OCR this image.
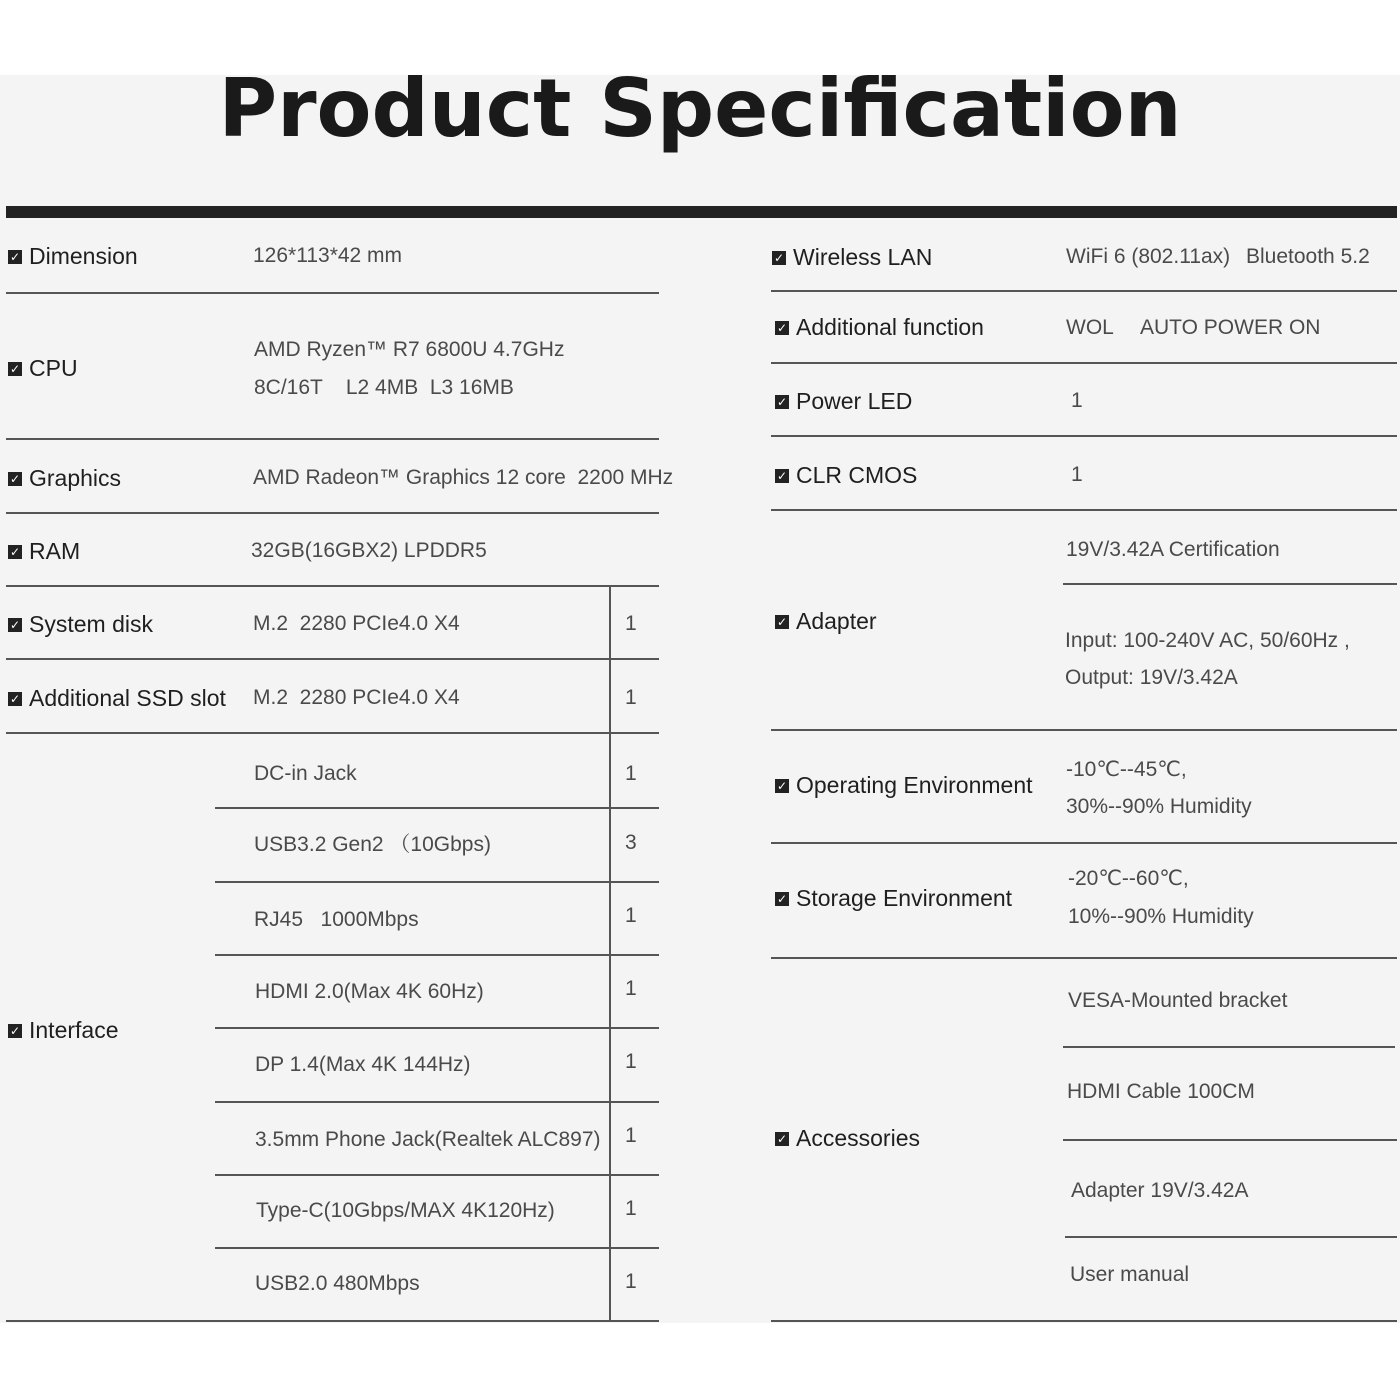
Product Specification
✓ Dimension	126*113*42 mm
✓ CPU
AMD Ryzen™ R7 6800U 4.7GHz
8C/16T    L2 4MB  L3 16MB
✓ Graphics	AMD Radeon™ Graphics 12 core  2200 MHz
✓ RAM	32GB(16GBX2) LPDDR5
✓ System disk	M.2  2280 PCIe4.0 X4	1
✓ Additional SSD slot M.2  2280 PCIe4.0 X4	1
✓ Interface
DC-in Jack	1
USB3.2 Gen2 （10Gbps)	3
RJ45   1000Mbps	1
HDMI 2.0(Max 4K 60Hz)	1
DP 1.4(Max 4K 144Hz)	1
3.5mm Phone Jack(Realtek ALC897) 1
Type-C(10Gbps/MAX 4K120Hz)	1
USB2.0 480Mbps	1
✓ Wireless LAN	WiFi 6 (802.11ax) Bluetooth 5.2
✓ Additional function	WOL AUTO POWER ON
✓ Power LED	1
✓ CLR CMOS	1
✓ Adapter
19V/3.42A Certification
Input: 100-240V AC, 50/60Hz ,
Output: 19V/3.42A
✓ Operating Environment
-10℃--45℃,
30%--90% Humidity
✓ Storage Environment
-20℃--60℃,
10%--90% Humidity
✓ Accessories
VESA-Mounted bracket
HDMI Cable 100CM
Adapter 19V/3.42A
User manual
